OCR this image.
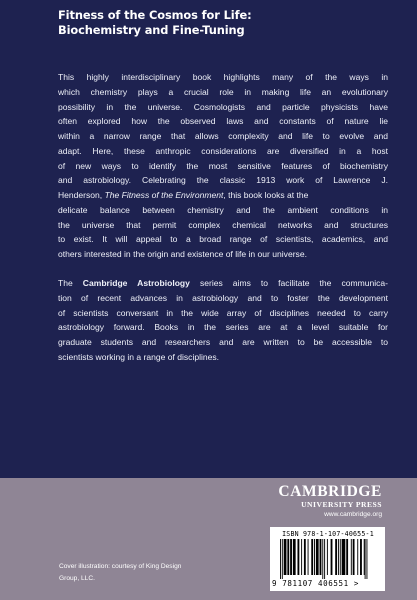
Fitness of the Cosmos for Life:
Biochemistry and Fine-Tuning
This highly interdisciplinary book highlights many of the ways in
which chemistry plays a crucial role in making life an evolutionary
possibility in the universe. Cosmologists and particle physicists have
often explored how the observed laws and constants of nature lie
within a narrow range that allows complexity and life to evolve and
adapt. Here, these anthropic considerations are diversified in a host
of new ways to identify the most sensitive features of biochemistry
and astrobiology. Celebrating the classic 1913 work of Lawrence J.
Henderson, The Fitness of the Environment, this book looks at the
delicate balance between chemistry and the ambient conditions in
the universe that permit complex chemical networks and structures
to exist. It will appeal to a broad range of scientists, academics, and
others interested in the origin and existence of life in our universe.
The Cambridge Astrobiology series aims to facilitate the communica-
tion of recent advances in astrobiology and to foster the development
of scientists conversant in the wide array of disciplines needed to carry
astrobiology forward. Books in the series are at a level suitable for
graduate students and researchers and are written to be accessible to
scientists working in a range of disciplines.
Cover illustration: courtesy of King Design
Group, LLC.
CAMBRIDGE
UNIVERSITY PRESS
www.cambridge.org
ISBN 978-1-107-40655-1
9 781107 406551 >
